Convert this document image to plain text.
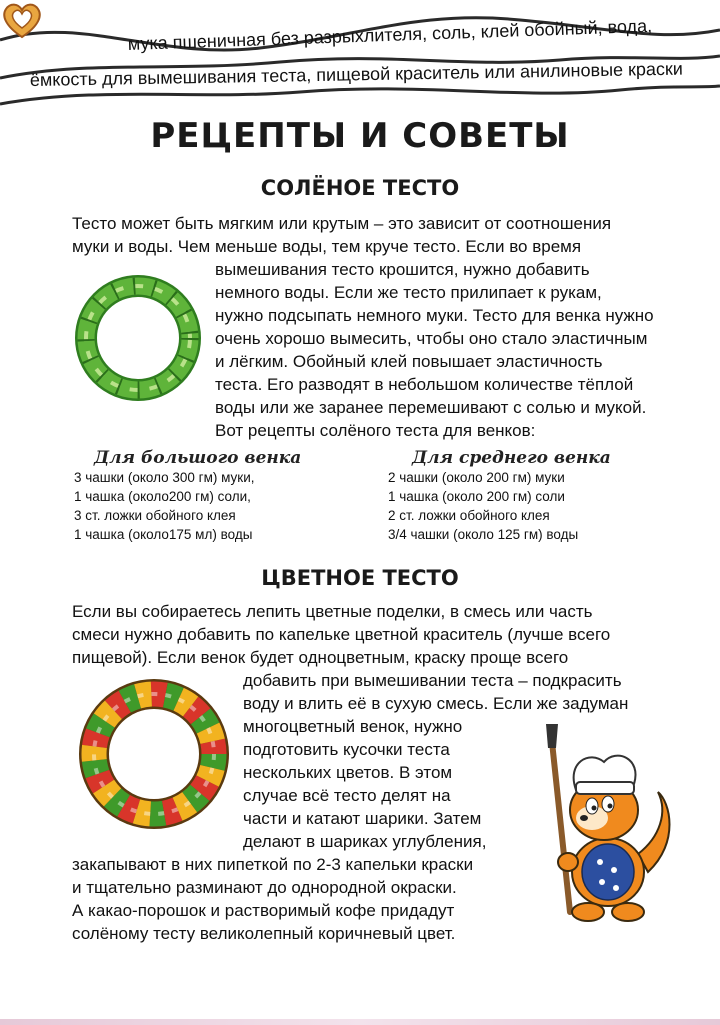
мука пшеничная без разрыхлителя, соль, клей обойный, вода,
ёмкость для вымешивания теста, пищевой краситель или анилиновые краски
РЕЦЕПТЫ И СОВЕТЫ
СОЛЁНОЕ ТЕСТО
Тесто может быть мягким или крутым – это зависит от соотношения
муки и воды. Чем меньше воды, тем круче тесто. Если во время
вымешивания тесто крошится, нужно добавить
немного воды. Если же тесто прилипает к рукам,
нужно подсыпать немного муки. Тесто для венка нужно
очень хорошо вымесить, чтобы оно стало эластичным
и лёгким. Обойный клей повышает эластичность
теста. Его разводят в небольшом количестве тёплой
воды или же заранее перемешивают с солью и мукой.
Вот рецепты солёного теста для венков:
Для большого венка
3 чашки (около 300 гм) муки,
1 чашка (около200 гм) соли,
3 ст. ложки обойного клея
1 чашка (около175 мл) воды
Для среднего венка
2 чашки (около 200 гм) муки
1 чашка (около 200 гм) соли
2 ст. ложки обойного клея
3/4 чашки (около 125 гм) воды
ЦВЕТНОЕ ТЕСТО
Если вы собираетесь лепить цветные поделки, в смесь или часть
смеси нужно добавить по капельке цветной краситель (лучше всего
пищевой). Если венок будет одноцветным, краску проще всего
добавить при вымешивании теста – подкрасить
воду и влить её в сухую смесь. Если же задуман
многоцветный венок, нужно
подготовить кусочки теста
нескольких цветов. В этом
случае всё тесто делят на
части и катают шарики. Затем
делают в шариках углубления,
закапывают в них пипеткой по 2-3 капельки краски
и тщательно разминают до однородной окраски.
А какао-порошок и растворимый кофе придадут
солёному тесту великолепный коричневый цвет.
